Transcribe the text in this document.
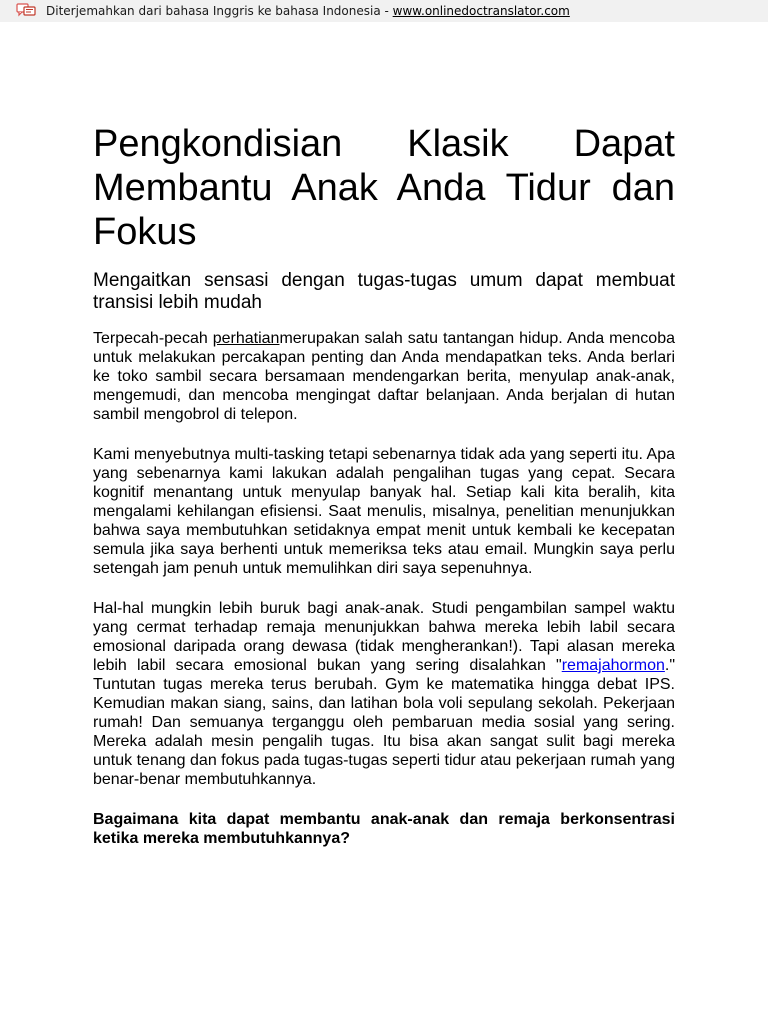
Diterjemahkan dari bahasa Inggris ke bahasa Indonesia - www.onlinedoctranslator.com
Pengkondisian Klasik Dapat Membantu Anak Anda Tidur dan Fokus
Mengaitkan sensasi dengan tugas-tugas umum dapat membuat transisi lebih mudah

Terpecah-pecah perhatianmerupakan salah satu tantangan hidup. Anda mencoba untuk melakukan percakapan penting dan Anda mendapatkan teks. Anda berlari ke toko sambil secara bersamaan mendengarkan berita, menyulap anak-anak, mengemudi, dan mencoba mengingat daftar belanjaan. Anda berjalan di hutan sambil mengobrol di telepon.

Kami menyebutnya multi-tasking tetapi sebenarnya tidak ada yang seperti itu. Apa yang sebenarnya kami lakukan adalah pengalihan tugas yang cepat. Secara kognitif menantang untuk menyulap banyak hal. Setiap kali kita beralih, kita mengalami kehilangan efisiensi. Saat menulis, misalnya, penelitian menunjukkan bahwa saya membutuhkan setidaknya empat menit untuk kembali ke kecepatan semula jika saya berhenti untuk memeriksa teks atau email. Mungkin saya perlu setengah jam penuh untuk memulihkan diri saya sepenuhnya.

Hal-hal mungkin lebih buruk bagi anak-anak. Studi pengambilan sampel waktu yang cermat terhadap remaja menunjukkan bahwa mereka lebih labil secara emosional daripada orang dewasa (tidak mengherankan!). Tapi alasan mereka lebih labil secara emosional bukan yang sering disalahkan "remajahormon." Tuntutan tugas mereka terus berubah. Gym ke matematika hingga debat IPS. Kemudian makan siang, sains, dan latihan bola voli sepulang sekolah. Pekerjaan rumah! Dan semuanya terganggu oleh pembaruan media sosial yang sering. Mereka adalah mesin pengalih tugas. Itu bisa akan sangat sulit bagi mereka untuk tenang dan fokus pada tugas-tugas seperti tidur atau pekerjaan rumah yang benar-benar membutuhkannya.

Bagaimana kita dapat membantu anak-anak dan remaja berkonsentrasi ketika mereka membutuhkannya?
